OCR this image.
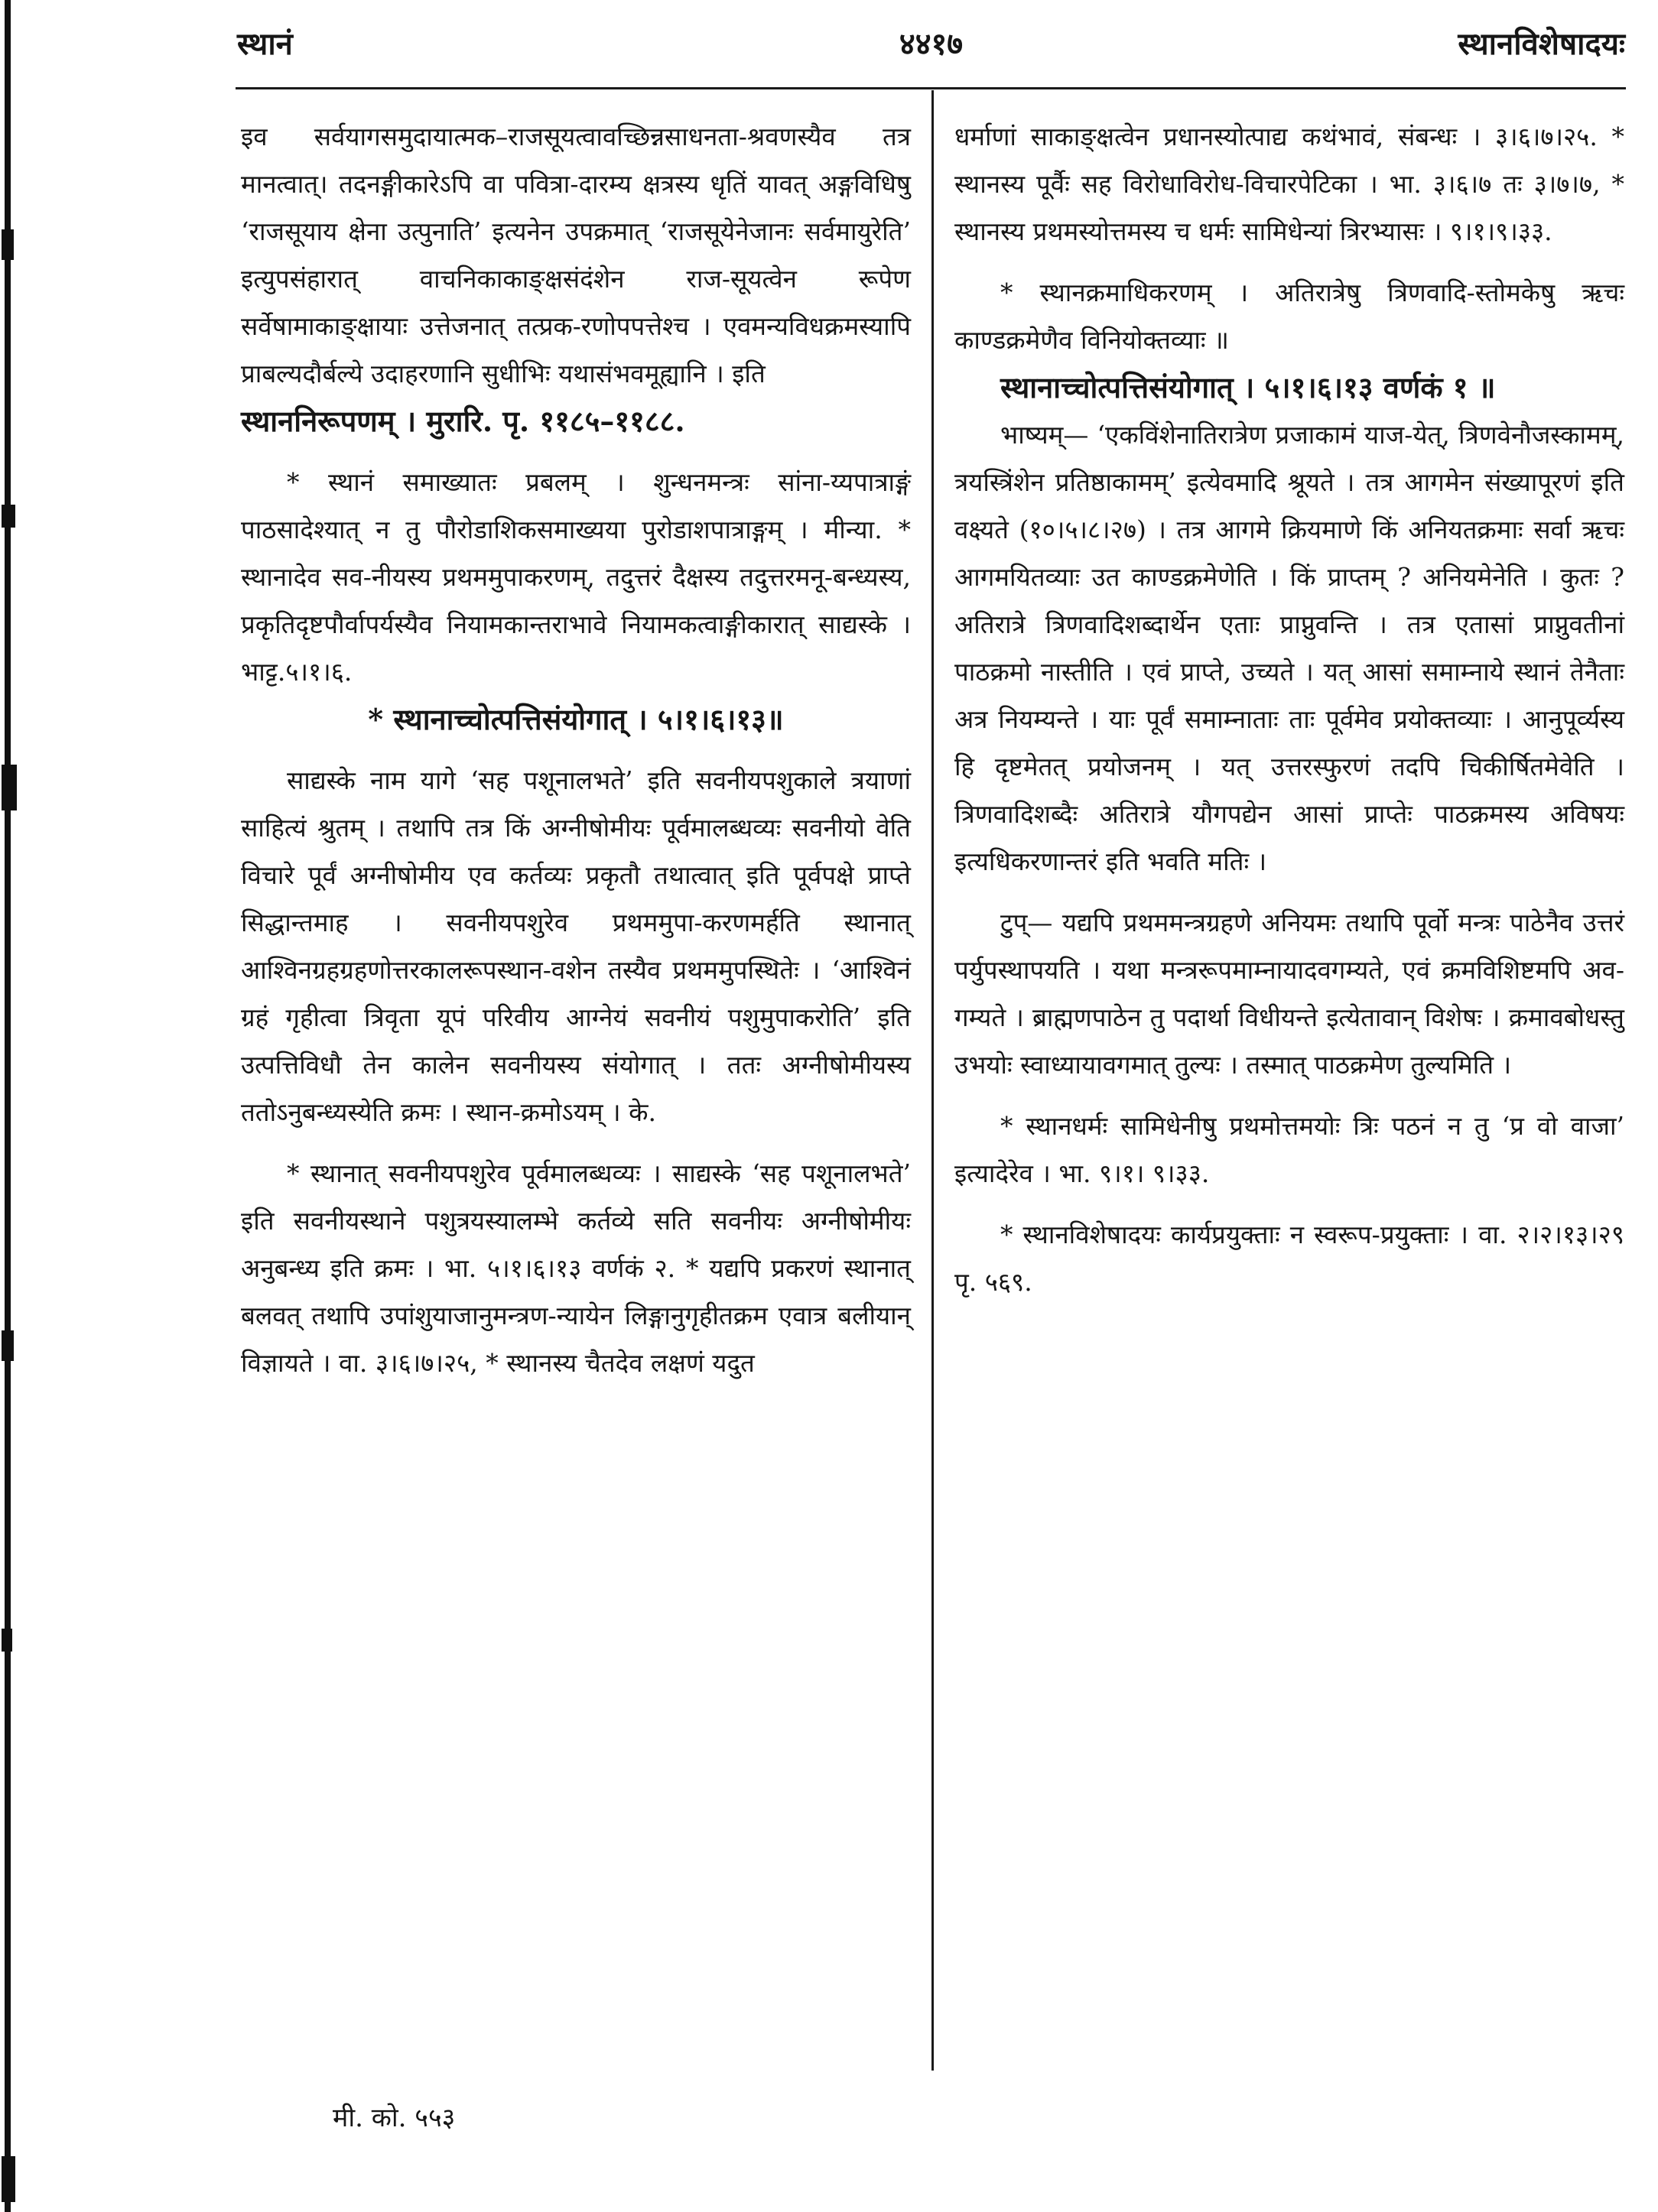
स्थानं	४४१७	स्थानविशेषादयः

इव सर्वयागसमुदायात्मक–राजसूयत्वावच्छिन्नसाधनता-श्रवणस्यैव तत्र मानत्वात्। तदनङ्गीकारेऽपि वा पवित्रा-दारम्य क्षत्रस्य धृतिं यावत् अङ्गविधिषु ‘राजसूयाय क्षेना उत्पुनाति’ इत्यनेन उपक्रमात् ‘राजसूयेनेजानः सर्वमायुरेति’ इत्युपसंहारात् वाचनिकाकाङ्क्षसंदंशेन राज-सूयत्वेन रूपेण सर्वेषामाकाङ्क्षायाः उत्तेजनात् तत्प्रक-रणोपपत्तेश्च । एवमन्यविधक्रमस्यापि प्राबल्यदौर्बल्ये उदाहरणानि सुधीभिः यथासंभवमूह्यानि । इति

स्थाननिरूपणम् । मुरारि. पृ. ११८५–११८८.

* स्थानं समाख्यातः प्रबलम् । शुन्धनमन्त्रः सांना-य्यपात्राङ्गं पाठसादेश्यात् न तु पौरोडाशिकसमाख्यया पुरोडाशपात्राङ्गम् । मीन्या. * स्थानादेव सव-नीयस्य प्रथममुपाकरणम्, तदुत्तरं दैक्षस्य तदुत्तरमनू-बन्ध्यस्य, प्रकृतिदृष्टपौर्वापर्यस्यैव नियामकान्तराभावे नियामकत्वाङ्गीकारात् साद्यस्के । भाट्ट.५।१।६.

* स्थानाच्चोत्पत्तिसंयोगात् । ५।१।६।१३॥

साद्यस्के नाम यागे ‘सह पशूनालभते’ इति सवनीयपशुकाले त्रयाणां साहित्यं श्रुतम् । तथापि तत्र किं अग्नीषोमीयः पूर्वमालब्धव्यः सवनीयो वेति विचारे पूर्वं अग्नीषोमीय एव कर्तव्यः प्रकृतौ तथात्वात् इति पूर्वपक्षे प्राप्ते सिद्धान्तमाह । सवनीयपशुरेव प्रथममुपा-करणमर्हति स्थानात् आश्विनग्रहग्रहणोत्तरकालरूपस्थान-वशेन तस्यैव प्रथममुपस्थितेः । ‘आश्विनं ग्रहं गृहीत्वा त्रिवृता यूपं परिवीय आग्नेयं सवनीयं पशुमुपाकरोति’ इति उत्पत्तिविधौ तेन कालेन सवनीयस्य संयोगात् । ततः अग्नीषोमीयस्य ततोऽनुबन्ध्यस्येति क्रमः । स्थान-क्रमोऽयम् । के.

* स्थानात् सवनीयपशुरेव पूर्वमालब्धव्यः । साद्यस्के ‘सह पशूनालभते’ इति सवनीयस्थाने पशुत्रयस्यालम्भे कर्तव्ये सति सवनीयः अग्नीषोमीयः अनुबन्ध्य इति क्रमः । भा. ५।१।६।१३ वर्णकं २. * यद्यपि प्रकरणं स्थानात् बलवत् तथापि उपांशुयाजानुमन्त्रण-न्यायेन लिङ्गानुगृहीतक्रम एवात्र बलीयान् विज्ञायते । वा. ३।६।७।२५, * स्थानस्य चैतदेव लक्षणं यदुत

धर्माणां साकाङ्क्षत्वेन प्रधानस्योत्पाद्य कथंभावं, संबन्धः । ३।६।७।२५. * स्थानस्य पूर्वैः सह विरोधाविरोध-विचारपेटिका । भा. ३।६।७ तः ३।७।७, * स्थानस्य प्रथमस्योत्तमस्य च धर्मः सामिधेन्यां त्रिरभ्यासः । ९।१।९।३३.

* स्थानक्रमाधिकरणम् । अतिरात्रेषु त्रिणवादि-स्तोमकेषु ऋचः काण्डक्रमेणैव विनियोक्तव्याः ॥

स्थानाच्चोत्पत्तिसंयोगात् । ५।१।६।१३ वर्णकं १ ॥

भाष्यम्— ‘एकविंशेनातिरात्रेण प्रजाकामं याज-येत्, त्रिणवेनौजस्कामम्, त्रयस्त्रिंशेन प्रतिष्ठाकामम्’ इत्येवमादि श्रूयते । तत्र आगमेन संख्यापूरणं इति वक्ष्यते (१०।५।८।२७) । तत्र आगमे क्रियमाणे किं अनियतक्रमाः सर्वा ऋचः आगमयितव्याः उत काण्डक्रमेणेति । किं प्राप्तम् ? अनियमेनेति । कुतः ? अतिरात्रे त्रिणवादिशब्दार्थेन एताः प्राप्नुवन्ति । तत्र एतासां प्राप्नुवतीनां पाठक्रमो नास्तीति । एवं प्राप्ते, उच्यते । यत् आसां समाम्नाये स्थानं तेनैताः अत्र नियम्यन्ते । याः पूर्वं समाम्नाताः ताः पूर्वमेव प्रयोक्तव्याः । आनुपूर्व्यस्य हि दृष्टमेतत् प्रयोजनम् । यत् उत्तरस्फुरणं तदपि चिकीर्षितमेवेति । त्रिणवादिशब्दैः अतिरात्रे यौगपद्येन आसां प्राप्तेः पाठक्रमस्य अविषयः इत्यधिकरणान्तरं इति भवति मतिः ।

टुप्— यद्यपि प्रथममन्त्रग्रहणे अनियमः तथापि पूर्वो मन्त्रः पाठेनैव उत्तरं पर्युपस्थापयति । यथा मन्त्ररूपमाम्नायादवगम्यते, एवं क्रमविशिष्टमपि अव-गम्यते । ब्राह्मणपाठेन तु पदार्था विधीयन्ते इत्येतावान् विशेषः । क्रमावबोधस्तु उभयोः स्वाध्यायावगमात् तुल्यः । तस्मात् पाठक्रमेण तुल्यमिति ।

* स्थानधर्मः सामिधेनीषु प्रथमोत्तमयोः त्रिः पठनं न तु ‘प्र वो वाजा’ इत्यादेरेव । भा. ९।१। ९।३३.

* स्थानविशेषादयः कार्यप्रयुक्ताः न स्वरूप-प्रयुक्ताः । वा. २।२।१३।२९ पृ. ५६९.

मी. को. ५५३
